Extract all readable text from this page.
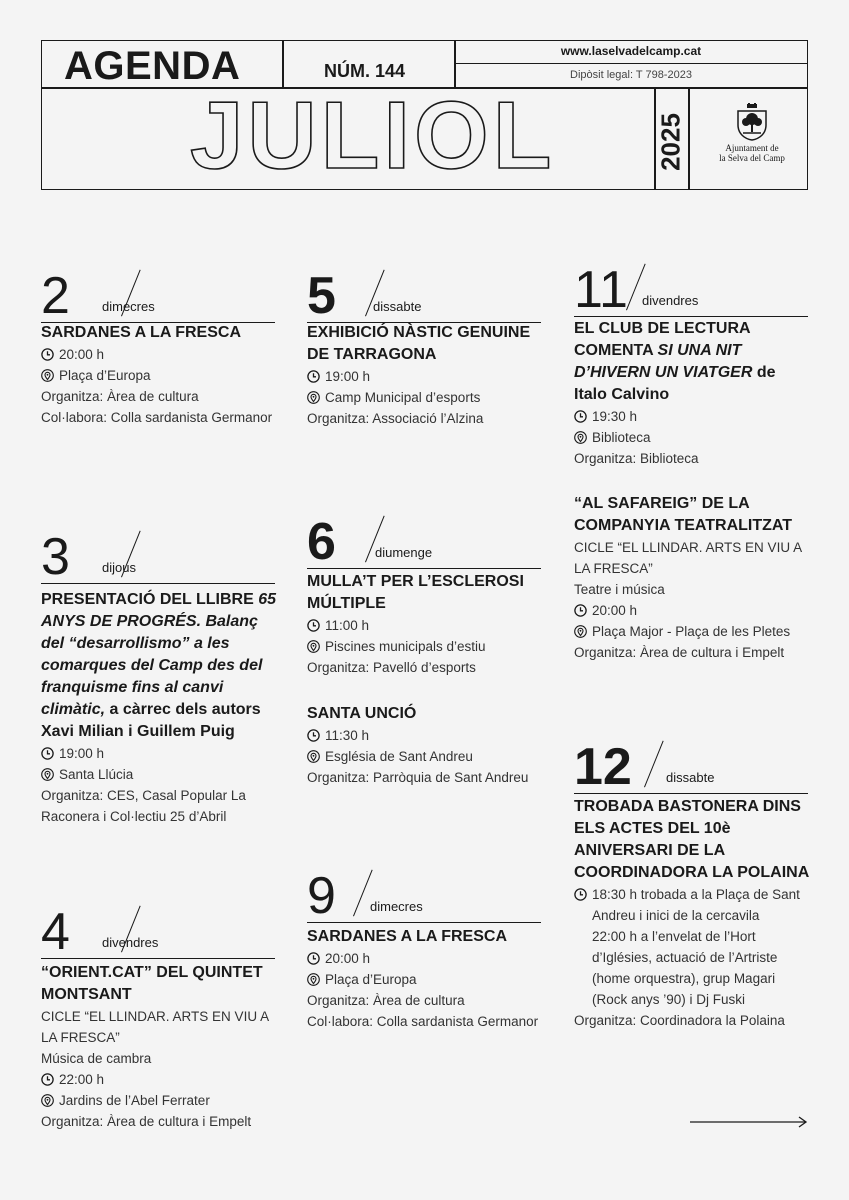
AGENDA	NÚM. 144
www.laselvadelcamp.cat
Dipòsit legal: T 798-2023
JULIOL	2025	Ajuntament de
la Selva del Camp
2 dimecres
3 dijous
4 divendres
5	dissabte
6	diumenge
9	dimecres
11 divendres
12	dissabte
SARDANES A LA FRESCA
20:00 h
Plaça d’Europa
Organitza: Àrea de cultura
Col·labora: Colla sardanista Germanor
PRESENTACIÓ DEL LLIBRE 65 ANYS DE PROGRÉS. Balanç del “desarrollismo” a les comarques del Camp des del franquisme fins al canvi climàtic, a càrrec dels autors Xavi Milian i Guillem Puig
19:00 h
Santa Llúcia
Organitza: CES, Casal Popular La Raconera i Col·lectiu 25 d’Abril
“ORIENT.CAT” DEL QUINTET MONTSANT
CICLE “EL LLINDAR. ARTS EN VIU A LA FRESCA”
Música de cambra
22:00 h
Jardins de l’Abel Ferrater
Organitza: Àrea de cultura i Empelt
EXHIBICIÓ NÀSTIC GENUINE DE TARRAGONA
19:00 h
Camp Municipal d’esports
Organitza: Associació l’Alzina
MULLA’T PER L’ESCLEROSI MÚLTIPLE
11:00 h
Piscines municipals d’estiu
Organitza: Pavelló d’esports
SANTA UNCIÓ
11:30 h
Església de Sant Andreu
Organitza: Parròquia de Sant Andreu
SARDANES A LA FRESCA
20:00 h
Plaça d’Europa
Organitza: Àrea de cultura
Col·labora: Colla sardanista Germanor
EL CLUB DE LECTURA COMENTA SI UNA NIT D’HIVERN UN VIATGER de Italo Calvino
19:30 h
Biblioteca
Organitza: Biblioteca
“AL SAFAREIG” DE LA COMPANYIA TEATRALITZAT
CICLE “EL LLINDAR. ARTS EN VIU A LA FRESCA”
Teatre i música
20:00 h
Plaça Major - Plaça de les Pletes
Organitza: Àrea de cultura i Empelt
TROBADA BASTONERA DINS ELS ACTES DEL 10è ANIVERSARI DE LA COORDINADORA LA POLAINA
18:30 h trobada a la Plaça de Sant Andreu i inici de la cercavila
22:00 h a l’envelat de l’Hort d’Iglésies, actuació de l’Artriste (home orquestra), grup Magari (Rock anys ’90) i Dj Fuski
Organitza: Coordinadora la Polaina
